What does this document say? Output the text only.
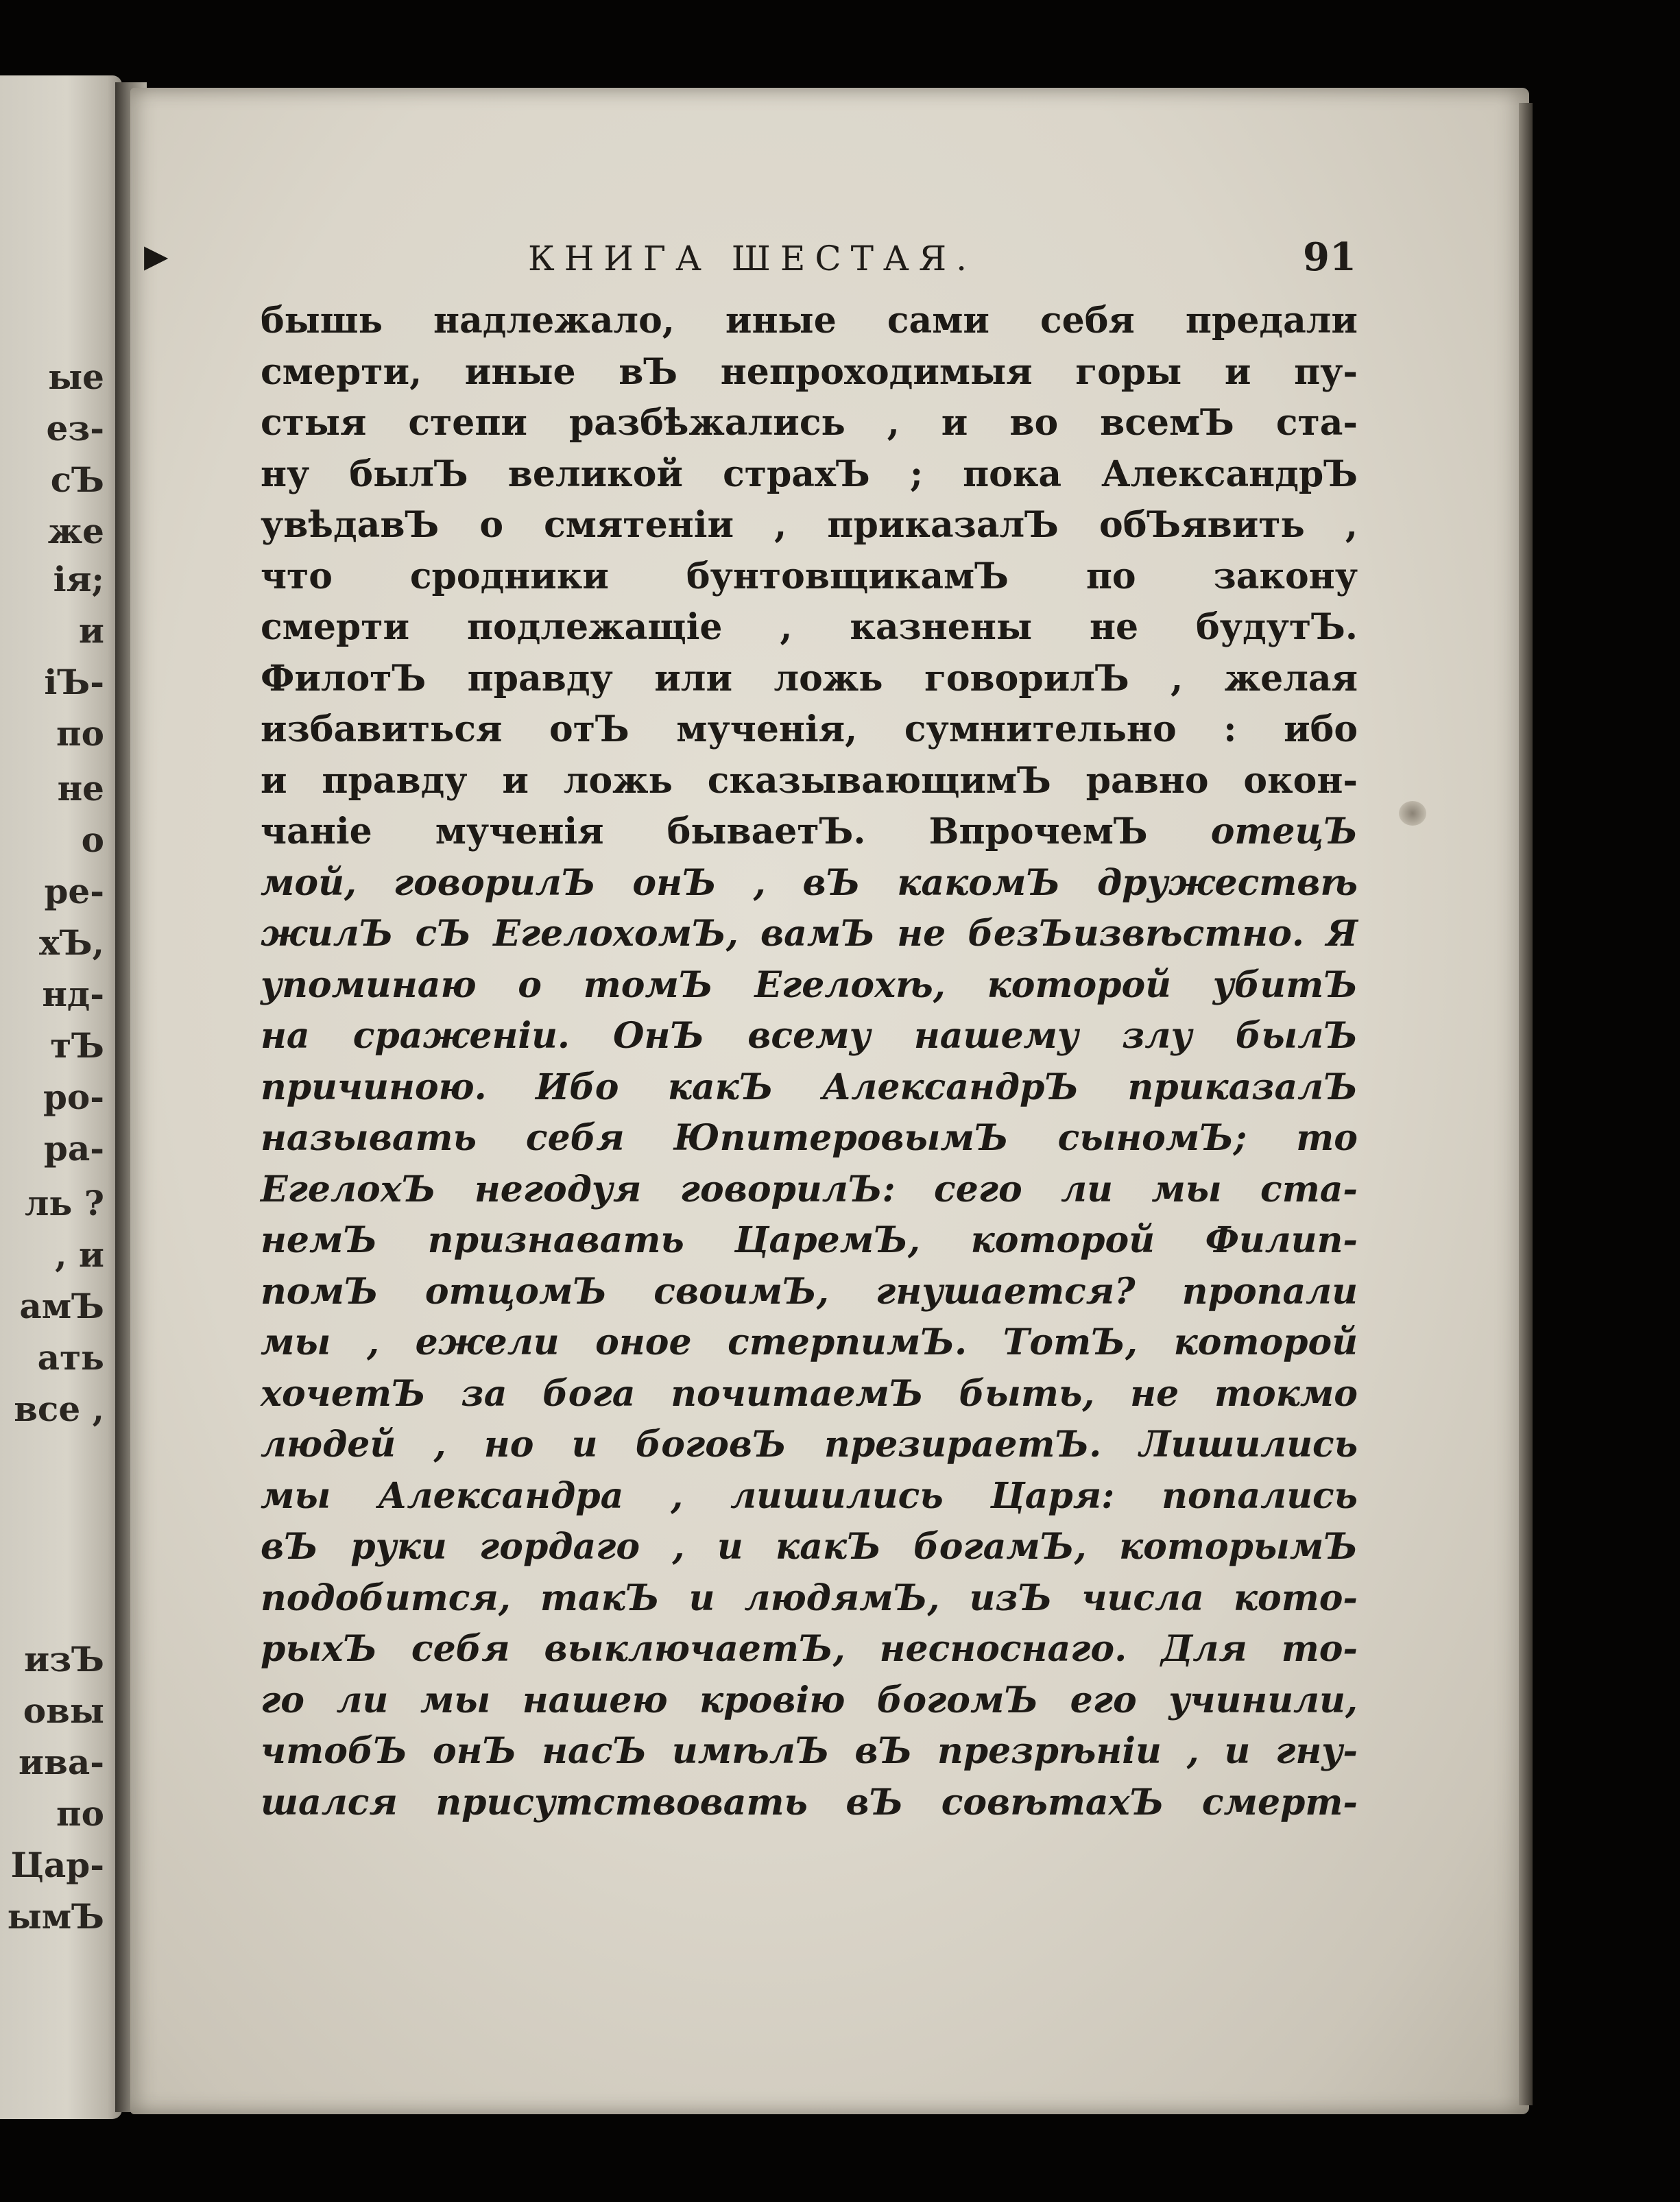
ые
ез-
сЪ
же
ія;
и
іЪ-
по
не
о
ре-
хЪ,
нд-
тЪ
ро-
ра-
ль ?
, и
амЪ
ать
все ,
изЪ
овы
ива-
по
Цар-
ымЪ
▶	КНИГА ШЕСТАЯ.	91
бышь надлежало, иные сами себя предали
смерти, иные вЪ непроходимыя горы и пу-
стыя степи разбѣжались , и во всемЪ ста-
ну былЪ великой страхЪ ; пока АлександрЪ
увѣдавЪ о смятеніи , приказалЪ обЪявить ,
что сродники бунтовщикамЪ по закону
смерти подлежащіе , казнены не будутЪ.
ФилотЪ правду или ложь говорилЪ , желая
избавиться отЪ мученія, сумнительно : ибо
и правду и ложь сказывающимЪ равно окон-
чаніе мученія бываетЪ. ВпрочемЪ отецЪ
мой, говорилЪ онЪ , вЪ какомЪ дружествѣ
жилЪ сЪ ЕгелохомЪ, вамЪ не безЪизвѣстно. Я
упоминаю о томЪ Егелохѣ, которой убитЪ
на сраженіи. ОнЪ всему нашему злу былЪ
причиною. Ибо какЪ АлександрЪ приказалЪ
называть себя ЮпитеровымЪ сыномЪ; то
ЕгелохЪ негодуя говорилЪ: сего ли мы ста-
немЪ признавать ЦаремЪ, которой Филип-
помЪ отцомЪ своимЪ, гнушается? пропали
мы , ежели оное стерпимЪ. ТотЪ, которой
хочетЪ за бога почитаемЪ быть, не токмо
людей , но и боговЪ презираетЪ. Лишились
мы Александра , лишились Царя: попались
вЪ руки гордаго , и какЪ богамЪ, которымЪ
подобится, такЪ и людямЪ, изЪ числа кото-
рыхЪ себя выключаетЪ, несноснаго. Для то-
го ли мы нашею кровію богомЪ его учинили,
чтобЪ онЪ насЪ имѣлЪ вЪ презрѣніи , и гну-
шался присутствовать вЪ совѣтахЪ смерт-
